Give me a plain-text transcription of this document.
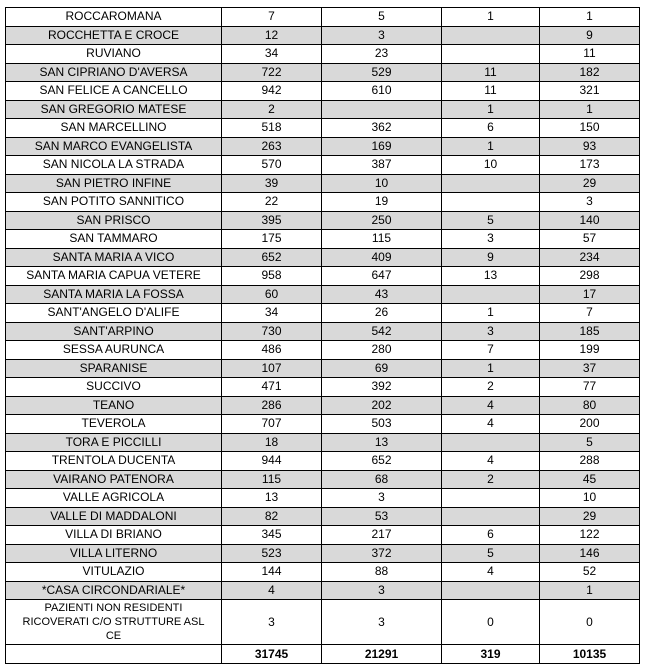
ROCCAROMANA	7	5	1	1
ROCCHETTA E CROCE	12	3		9
RUVIANO	34	23		11
SAN CIPRIANO D'AVERSA	722	529	11	182
SAN FELICE A CANCELLO	942	610	11	321
SAN GREGORIO MATESE	2		1	1
SAN MARCELLINO	518	362	6	150
SAN MARCO EVANGELISTA	263	169	1	93
SAN NICOLA LA STRADA	570	387	10	173
SAN PIETRO INFINE	39	10		29
SAN POTITO SANNITICO	22	19		3
SAN PRISCO	395	250	5	140
SAN TAMMARO	175	115	3	57
SANTA MARIA A VICO	652	409	9	234
SANTA MARIA CAPUA VETERE	958	647	13	298
SANTA MARIA LA FOSSA	60	43		17
SANT'ANGELO D'ALIFE	34	26	1	7
SANT'ARPINO	730	542	3	185
SESSA AURUNCA	486	280	7	199
SPARANISE	107	69	1	37
SUCCIVO	471	392	2	77
TEANO	286	202	4	80
TEVEROLA	707	503	4	200
TORA E PICCILLI	18	13		5
TRENTOLA DUCENTA	944	652	4	288
VAIRANO PATENORA	115	68	2	45
VALLE AGRICOLA	13	3		10
VALLE DI MADDALONI	82	53		29
VILLA DI BRIANO	345	217	6	122
VILLA LITERNO	523	372	5	146
VITULAZIO	144	88	4	52
*CASA CIRCONDARIALE*	4	3		1
PAZIENTI NON RESIDENTI RICOVERATI C/O STRUTTURE ASL CE	3	3	0	0
	31745	21291	319	10135
